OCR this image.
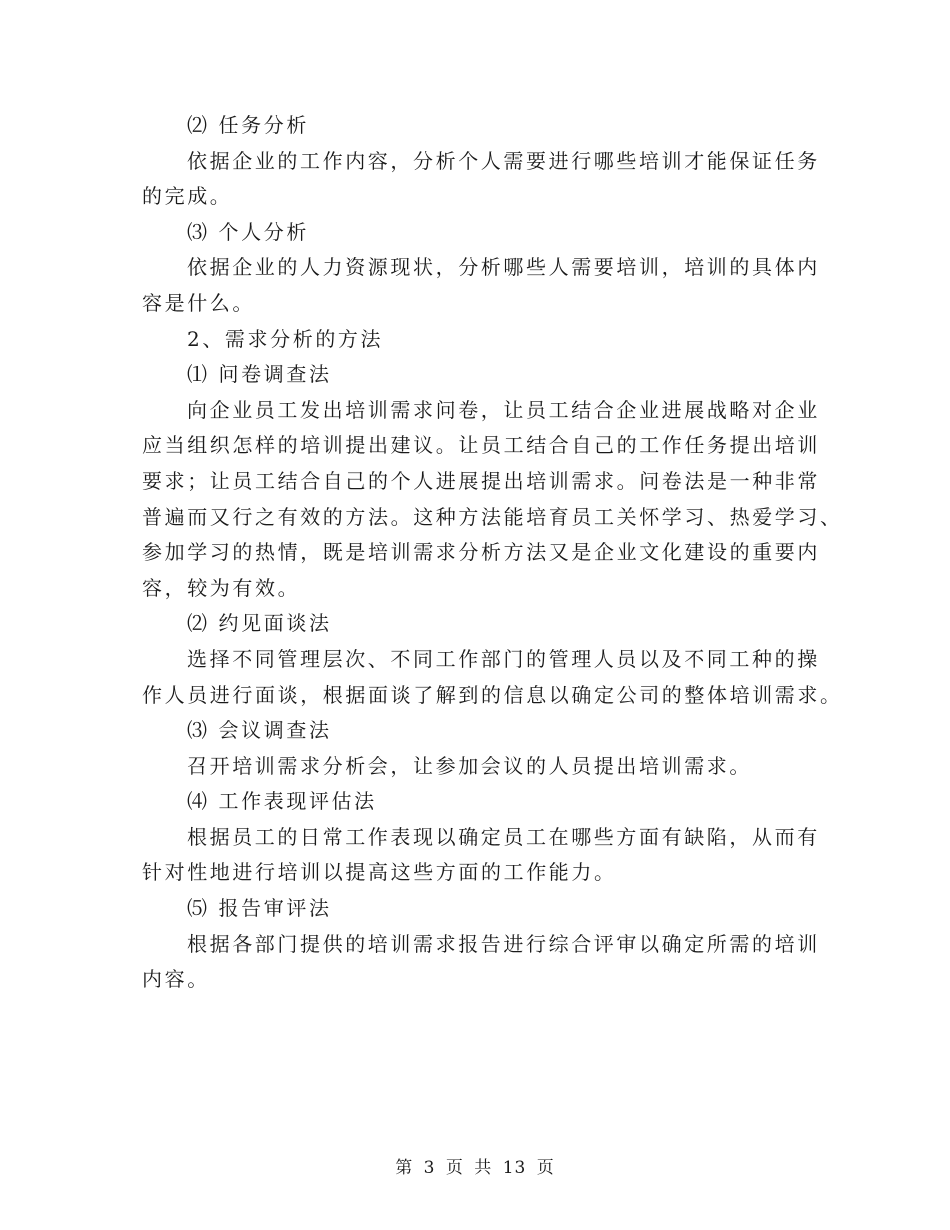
⑵ 任务分析

依据企业的工作内容，分析个人需要进行哪些培训才能保证任务

的完成。

⑶ 个人分析

依据企业的人力资源现状，分析哪些人需要培训，培训的具体内

容是什么。

2、需求分析的方法

⑴ 问卷调查法

向企业员工发出培训需求问卷，让员工结合企业进展战略对企业

应当组织怎样的培训提出建议。让员工结合自己的工作任务提出培训

要求；让员工结合自己的个人进展提出培训需求。问卷法是一种非常

普遍而又行之有效的方法。这种方法能培育员工关怀学习、热爱学习、

参加学习的热情，既是培训需求分析方法又是企业文化建设的重要内

容，较为有效。

⑵ 约见面谈法

选择不同管理层次、不同工作部门的管理人员以及不同工种的操

作人员进行面谈，根据面谈了解到的信息以确定公司的整体培训需求。

⑶ 会议调查法

召开培训需求分析会，让参加会议的人员提出培训需求。

⑷ 工作表现评估法

根据员工的日常工作表现以确定员工在哪些方面有缺陷，从而有

针对性地进行培训以提高这些方面的工作能力。

⑸ 报告审评法

根据各部门提供的培训需求报告进行综合评审以确定所需的培训

内容。

第 3 页 共 13 页
